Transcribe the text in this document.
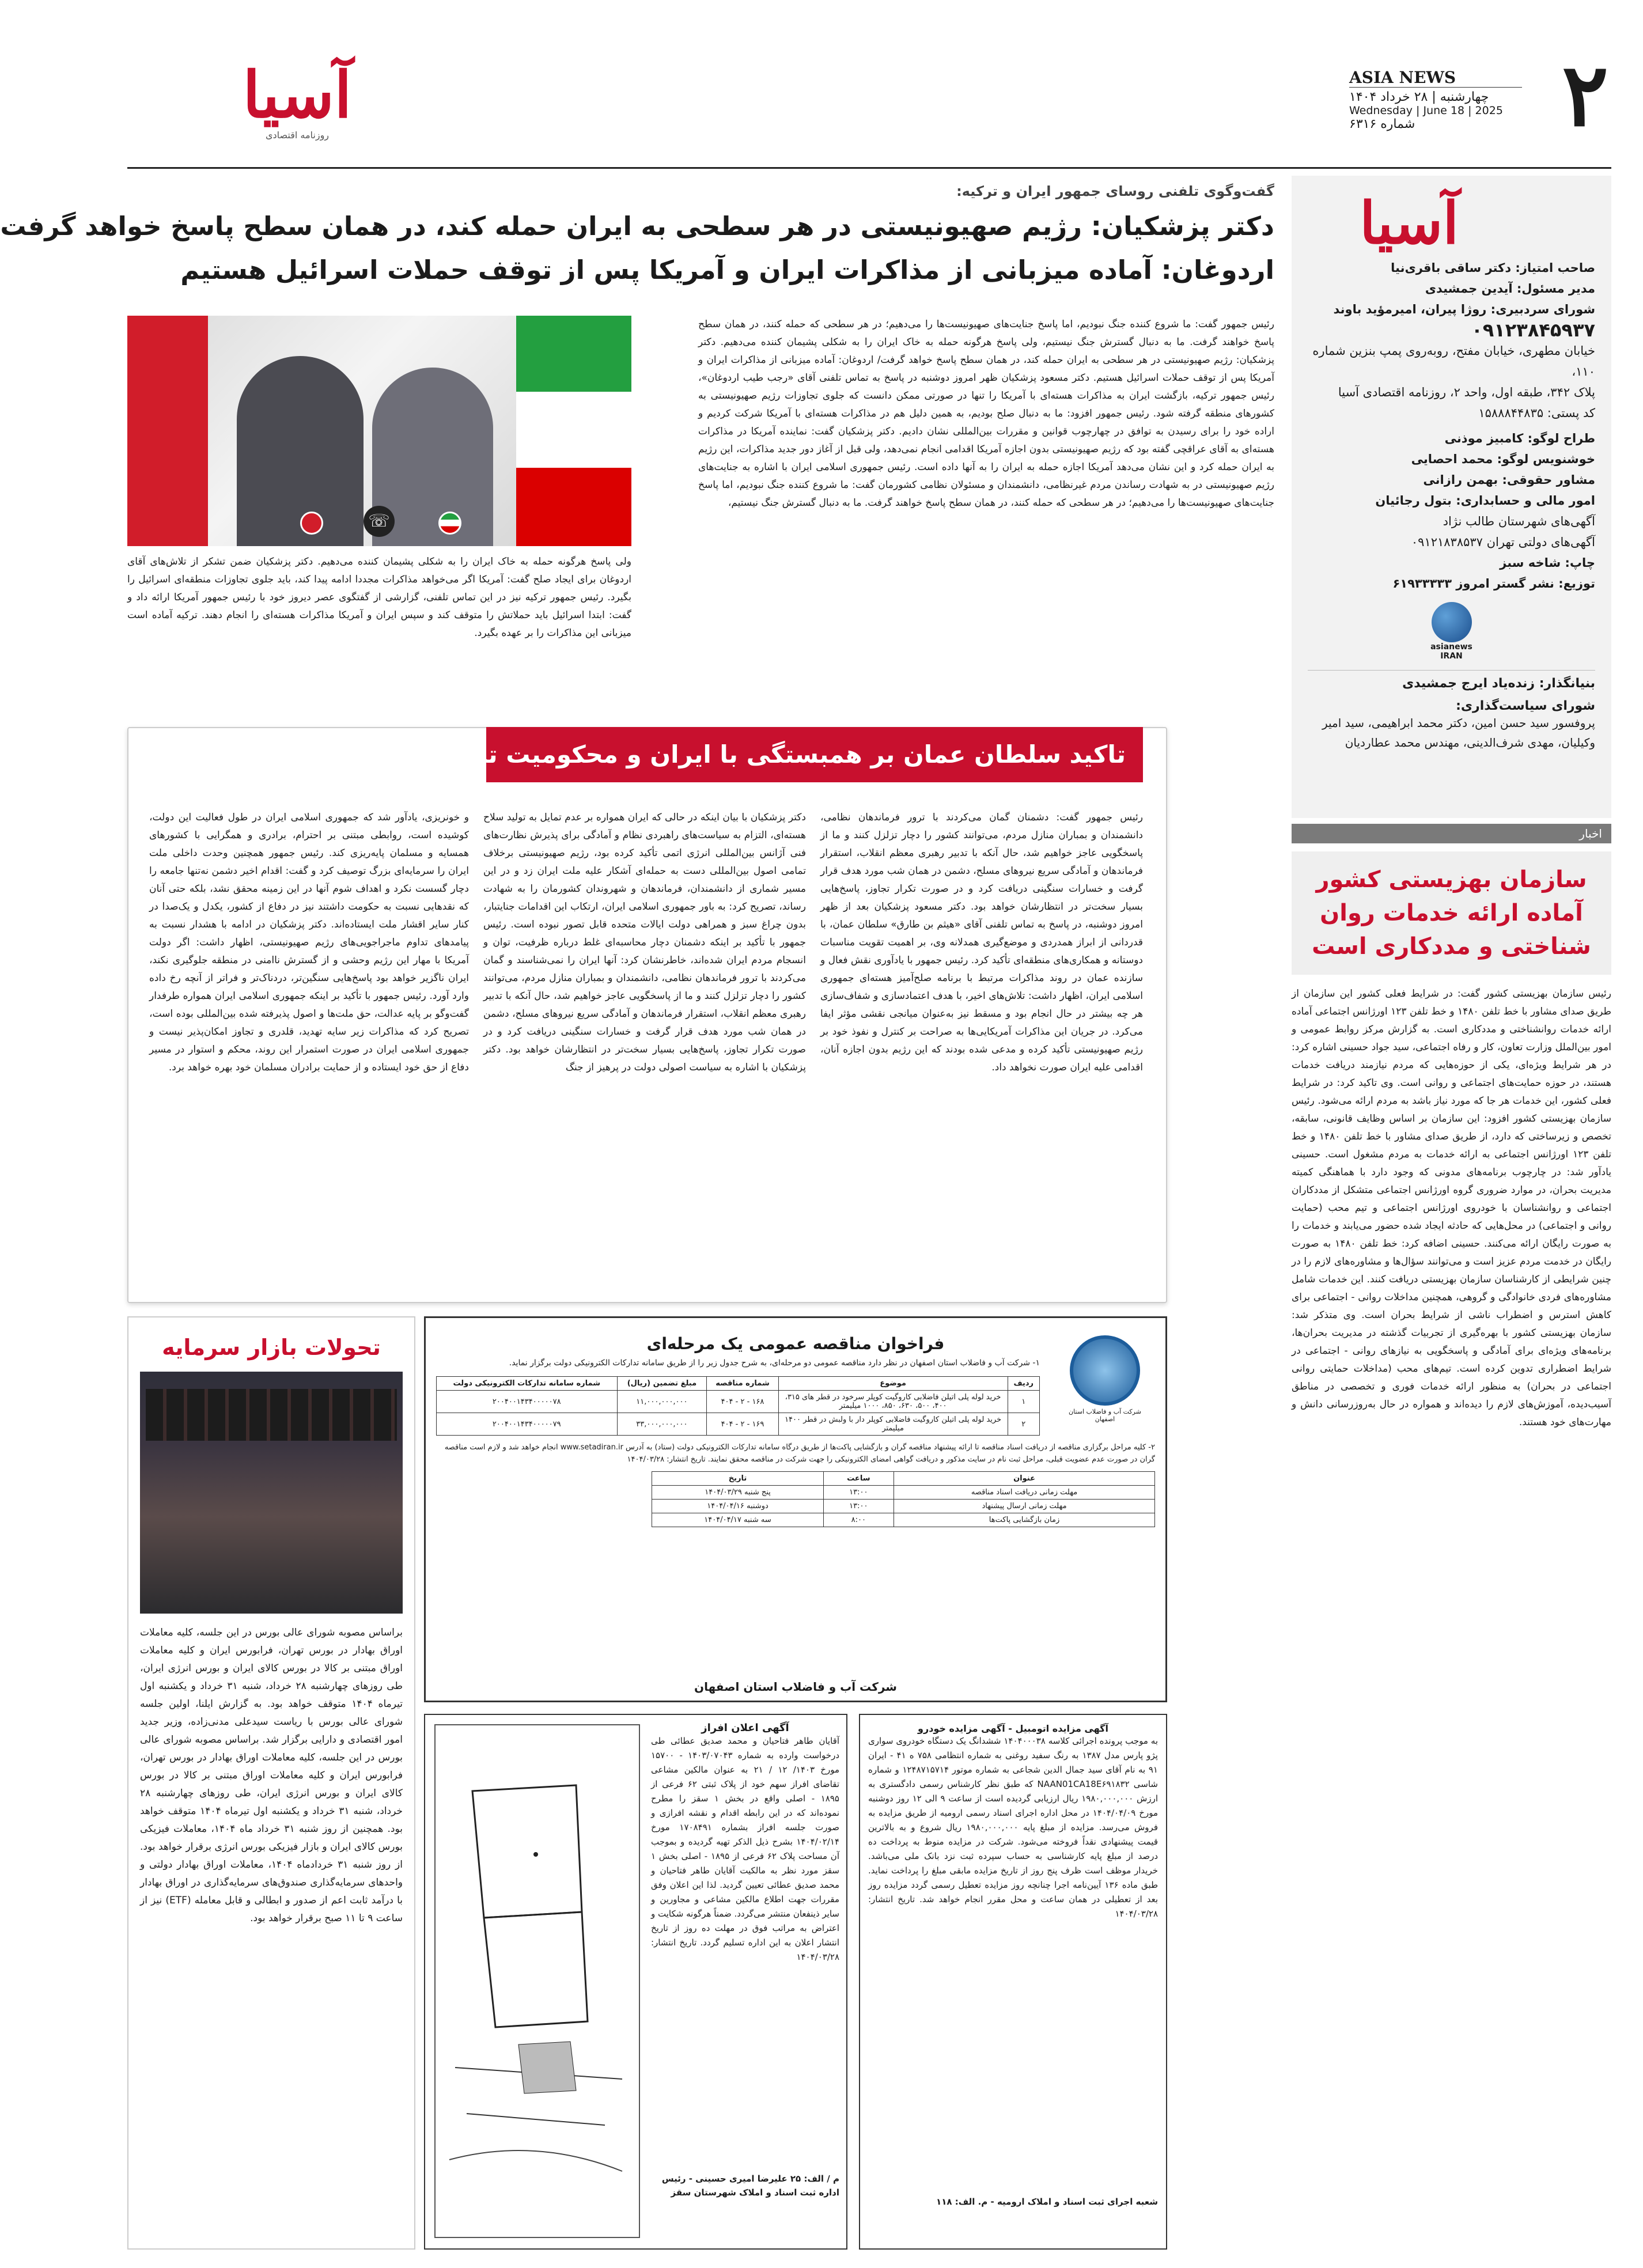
۲
ASIA NEWS
چهارشنبه | ۲۸ خرداد ۱۴۰۴
Wednesday | June 18 | 2025
شماره ۶۳۱۶
آسیا
روزنامه اقتصادی
آسیا
صاحب امتیاز: دکتر ساقی باقری‌نیا
مدیر مسئول: آیدین جمشیدی
شورای سردبیری: روژا پیران، امیرمؤید باوند
۰۹۱۲۳۸۴۵۹۳۷
خیابان مطهری، خیابان مفتح، روبه‌روی پمپ بنزین شماره ۱۱۰،
پلاک ۳۴۲، طبقه اول، واحد ۲، روزنامه اقتصادی آسیا
کد پستی: ۱۵۸۸۸۴۴۸۳۵
طراح لوگو: کامبیز موذنی
خوشنویس لوگو: محمد احصایی
مشاور حقوقی: بهمن رازانی
امور مالی و حسابداری: بتول رجائیان
آگهی‌های شهرستان طالب نژاد
آگهی‌های دولتی تهران ۰۹۱۲۱۸۳۸۵۳۷
چاپ: شاخه سبز
توزیع: نشر گستر امروز ۶۱۹۳۳۳۳۳
asianews IRAN
بنیانگذار: زنده‌یاد ایرج جمشیدی
شورای سیاست‌گذاری:
پروفسور سید حسن امین، دکتر محمد ابراهیمی، سید امیر وکیلیان، مهدی شرف‌الدینی، مهندس محمد عطاردیان
گفت‌وگوی تلفنی روسای جمهور ایران و ترکیه:
دکتر پزشکیان: رژیم صهیونیستی در هر سطحی به ایران حمله کند، در همان سطح پاسخ خواهد گرفت
اردوغان: آماده میزبانی از مذاکرات ایران و آمریکا پس از توقف حملات اسرائیل هستیم
رئیس جمهور گفت: ما شروع کننده جنگ نبودیم، اما پاسخ جنایت‌های صهیونیست‌ها را می‌دهیم؛ در هر سطحی که حمله کنند، در همان سطح پاسخ خواهند گرفت. ما به دنبال گسترش جنگ نیستیم، ولی پاسخ هرگونه حمله به خاک ایران را به شکلی پشیمان کننده می‌دهیم. دکتر پزشکیان: رژیم صهیونیستی در هر سطحی به ایران حمله کند، در همان سطح پاسخ خواهد گرفت/ اردوغان: آماده میزبانی از مذاکرات ایران و آمریکا پس از توقف حملات اسرائیل هستیم. دکتر مسعود پزشکیان ظهر امروز دوشنبه در پاسخ به تماس تلفنی آقای «رجب طیب اردوغان»، رئیس جمهور ترکیه، بازگشت ایران به مذاکرات هسته‌ای با آمریکا را تنها در صورتی ممکن دانست که جلوی تجاوزات رژیم صهیونیستی به کشورهای منطقه گرفته شود. رئیس جمهور افزود: ما به دنبال صلح بودیم، به همین دلیل هم در مذاکرات هسته‌ای با آمریکا شرکت کردیم و اراده خود را برای رسیدن به توافق در چهارچوب قوانین و مقررات بین‌المللی نشان دادیم. دکتر پزشکیان گفت: نماینده آمریکا در مذاکرات هسته‌ای به آقای عراقچی گفته بود که رژیم صهیونیستی بدون اجازه آمریکا اقدامی انجام نمی‌دهد، ولی قبل از آغاز دور جدید مذاکرات، این رژیم به ایران حمله کرد و این نشان می‌دهد آمریکا اجازه حمله به ایران را به آنها داده است. رئیس جمهوری اسلامی ایران با اشاره به جنایت‌های رژیم صهیونیستی در به شهادت رساندن مردم غیرنظامی، دانشمندان و مسئولان نظامی کشورمان گفت: ما شروع کننده جنگ نبودیم، اما پاسخ جنایت‌های صهیونیست‌ها را می‌دهیم؛ در هر سطحی که حمله کنند، در همان سطح پاسخ خواهند گرفت. ما به دنبال گسترش جنگ نیستیم،
☏
ولی پاسخ هرگونه حمله به خاک ایران را به شکلی پشیمان کننده می‌دهیم. دکتر پزشکیان ضمن تشکر از تلاش‌های آقای اردوغان برای ایجاد صلح گفت: آمریکا اگر می‌خواهد مذاکرات مجددا ادامه پیدا کند، باید جلوی تجاوزات منطقه‌ای اسرائیل را بگیرد. رئیس جمهور ترکیه نیز در این تماس تلفنی، گزارشی از گفتگوی عصر دیروز خود با رئیس جمهور آمریکا ارائه داد و گفت: ابتدا اسرائیل باید حملاتش را متوقف کند و سپس ایران و آمریکا مذاکرات هسته‌ای را انجام دهند. ترکیه آماده است میزبانی این مذاکرات را بر عهده بگیرد.
تاکید سلطان عمان بر همبستگی با ایران و محکومیت تجاوز رژیم صهیونیستی
رئیس جمهور گفت: دشمنان گمان می‌کردند با ترور فرماندهان نظامی، دانشمندان و بمباران منازل مردم، می‌توانند کشور را دچار تزلزل کنند و ما از پاسخگویی عاجز خواهیم شد، حال آنکه با تدبیر رهبری معظم انقلاب، استقرار فرماندهان و آمادگی سریع نیروهای مسلح، دشمن در همان شب مورد هدف قرار گرفت و خسارات سنگینی دریافت کرد و در صورت تکرار تجاوز، پاسخ‌هایی بسیار سخت‌تر در انتظارشان خواهد بود. دکتر مسعود پزشکیان بعد از ظهر امروز دوشنبه، در پاسخ به تماس تلفنی آقای «هیثم بن طارق» سلطان عمان، با قدردانی از ابراز همدردی و موضع‌گیری همدلانه وی، بر اهمیت تقویت مناسبات دوستانه و همکاری‌های منطقه‌ای تأکید کرد. رئیس جمهور با یادآوری نقش فعال و سازنده عمان در روند مذاکرات مرتبط با برنامه صلح‌آمیز هسته‌ای جمهوری اسلامی ایران، اظهار داشت: تلاش‌های اخیر، با هدف اعتمادسازی و شفاف‌سازی هر چه بیشتر در حال انجام بود و مسقط نیز به‌عنوان میانجی نقشی مؤثر ایفا می‌کرد. در جریان این مذاکرات آمریکایی‌ها به صراحت بر کنترل و نفوذ خود بر رژیم صهیونیستی تأکید کرده و مدعی شده بودند که این رژیم بدون اجازه آنان، اقدامی علیه ایران صورت نخواهد داد.
دکتر پزشکیان با بیان اینکه در حالی که ایران همواره بر عدم تمایل به تولید سلاح هسته‌ای، التزام به سیاست‌های راهبردی نظام و آمادگی برای پذیرش نظارت‌های فنی آژانس بین‌المللی انرژی اتمی تأکید کرده بود، رژیم صهیونیستی برخلاف تمامی اصول بین‌المللی دست به حمله‌ای آشکار علیه ملت ایران زد و در این مسیر شماری از دانشمندان، فرماندهان و شهروندان کشورمان را به شهادت رساند، تصریح کرد: به باور جمهوری اسلامی ایران، ارتکاب این اقدامات جنایتبار، بدون چراغ سبز و همراهی دولت ایالات متحده قابل تصور نبوده است. رئیس جمهور با تأکید بر اینکه دشمنان دچار محاسبه‌ای غلط درباره ظرفیت، توان و انسجام مردم ایران شده‌اند، خاطرنشان کرد: آنها ایران را نمی‌شناسند و گمان می‌کردند با ترور فرماندهان نظامی، دانشمندان و بمباران منازل مردم، می‌توانند کشور را دچار تزلزل کنند و ما از پاسخگویی عاجز خواهیم شد، حال آنکه با تدبیر رهبری معظم انقلاب، استقرار فرماندهان و آمادگی سریع نیروهای مسلح، دشمن در همان شب مورد هدف قرار گرفت و خسارات سنگینی دریافت کرد و در صورت تکرار تجاوز، پاسخ‌هایی بسیار سخت‌تر در انتظارشان خواهد بود. دکتر پزشکیان با اشاره به سیاست اصولی دولت در پرهیز از جنگ
و خونریزی، یادآور شد که جمهوری اسلامی ایران در طول فعالیت این دولت، کوشیده است، روابطی مبتنی بر احترام، برادری و همگرایی با کشورهای همسایه و مسلمان پایه‌ریزی کند. رئیس جمهور همچنین وحدت داخلی ملت ایران را سرمایه‌ای بزرگ توصیف کرد و گفت: اقدام اخیر دشمن نه‌تنها جامعه را دچار گسست نکرد و اهداف شوم آنها در این زمینه محقق نشد، بلکه حتی آنان که نقدهایی نسبت به حکومت داشتند نیز در دفاع از کشور، یکدل و یک‌صدا در کنار سایر اقشار ملت ایستاده‌اند. دکتر پزشکیان در ادامه با هشدار نسبت به پیامدهای تداوم ماجراجویی‌های رژیم صهیونیستی، اظهار داشت: اگر دولت آمریکا با مهار این رژیم وحشی و از گسترش ناامنی در منطقه جلوگیری نکند، ایران ناگزیر خواهد بود پاسخ‌هایی سنگین‌تر، دردناک‌تر و فراتر از آنچه رخ داده وارد آورد. رئیس جمهور با تأکید بر اینکه جمهوری اسلامی ایران همواره طرفدار گفت‌وگو بر پایه عدالت، حق ملت‌ها و اصول پذیرفته شده بین‌المللی بوده است، تصریح کرد که مذاکرات زیر سایه تهدید، قلدری و تجاوز امکان‌پذیر نیست و جمهوری اسلامی ایران در صورت استمرار این روند، محکم و استوار در مسیر دفاع از حق خود ایستاده و از حمایت برادران مسلمان خود بهره خواهد برد.
اخبار
سازمان بهزیستی کشور آماده ارائه خدمات روان شناختی و مددکاری است
رئیس سازمان بهزیستی کشور گفت: در شرایط فعلی کشور این سازمان از طریق صدای مشاور با خط تلفن ۱۴۸۰ و خط تلفن ۱۲۳ اورژانس اجتماعی آماده ارائه خدمات روانشناختی و مددکاری است. به گزارش مرکز روابط عمومی و امور بین‌الملل وزارت تعاون، کار و رفاه اجتماعی، سید جواد حسینی اشاره کرد: در هر شرایط ویژه‌ای، یکی از حوزه‌هایی که مردم نیازمند دریافت خدمات هستند، در حوزه حمایت‌های اجتماعی و روانی است. وی تاکید کرد: در شرایط فعلی کشور، این خدمات هر جا که مورد نیاز باشد به مردم ارائه می‌شود. رئیس سازمان بهزیستی کشور افزود: این سازمان بر اساس وظایف قانونی، سابقه، تخصص و زیرساختی که دارد، از طریق صدای مشاور با خط تلفن ۱۴۸۰ و خط تلفن ۱۲۳ اورژانس اجتماعی به ارائه خدمات به مردم مشغول است. حسینی یادآور شد: در چارچوب برنامه‌های مدونی که وجود دارد با هماهنگی کمیته مدیریت بحران، در موارد ضروری گروه اورژانس اجتماعی متشکل از مددکاران اجتماعی و روانشناسان با خودروی اورژانس اجتماعی و تیم محب (حمایت روانی و اجتماعی) در محل‌هایی که حادثه ایجاد شده حضور می‌یابند و خدمات را به صورت رایگان ارائه می‌کنند. حسینی اضافه کرد: خط تلفن ۱۴۸۰ به صورت رایگان در خدمت مردم عزیز است و می‌توانند سؤال‌ها و مشاوره‌های لازم را در چنین شرایطی از کارشناسان سازمان بهزیستی دریافت کنند. این خدمات شامل مشاوره‌های فردی خانوادگی و گروهی، همچنین مداخلات روانی - اجتماعی برای کاهش استرس و اضطراب ناشی از شرایط بحران است. وی متذکر شد: سازمان بهزیستی کشور با بهره‌گیری از تجربیات گذشته در مدیریت بحران‌ها، برنامه‌های ویژه‌ای برای آمادگی و پاسخگویی به نیازهای روانی - اجتماعی در شرایط اضطراری تدوین کرده است. تیم‌های محب (مداخلات حمایتی روانی اجتماعی در بحران) به منظور ارائه خدمات فوری و تخصصی در مناطق آسیب‌دیده، آموزش‌های لازم را دیده‌اند و همواره در حال به‌روزرسانی دانش و مهارت‌های خود هستند.
تحولات بازار سرمایه
براساس مصوبه شورای عالی بورس در این جلسه، کلیه معاملات اوراق بهادار در بورس تهران، فرابورس ایران و کلیه معاملات اوراق مبتنی بر کالا در بورس کالای ایران و بورس انرژی ایران، طی روزهای چهارشنبه ۲۸ خرداد، شنبه ۳۱ خرداد و یکشنبه اول تیرماه ۱۴۰۴ متوقف خواهد بود. به گزارش ایلنا، اولین جلسه شورای عالی بورس با ریاست سیدعلی مدنی‌زاده، وزیر جدید امور اقتصادی و دارایی برگزار شد. براساس مصوبه شورای عالی بورس در این جلسه، کلیه معاملات اوراق بهادار در بورس تهران، فرابورس ایران و کلیه معاملات اوراق مبتنی بر کالا در بورس کالای ایران و بورس انرژی ایران، طی روزهای چهارشنبه ۲۸ خرداد، شنبه ۳۱ خرداد و یکشنبه اول تیرماه ۱۴۰۴ متوقف خواهد بود. همچنین از روز شنبه ۳۱ خرداد ماه ۱۴۰۴، معاملات فیزیکی بورس کالای ایران و بازار فیزیکی بورس انرژی برقرار خواهد بود. از روز شنبه ۳۱ خردادماه ۱۴۰۴، معاملات اوراق بهادار دولتی و واحدهای سرمایه‌گذاری صندوق‌های سرمایه‌گذاری در اوراق بهادار با درآمد ثابت اعم از صدور و ابطالی و قابل معامله (ETF) نیز از ساعت ۹ تا ۱۱ صبح برقرار خواهد بود.
شرکت آب و فاضلاب استان اصفهان
فراخوان مناقصه عمومی یک مرحله‌ای
۱- شرکت آب و فاضلاب استان اصفهان در نظر دارد مناقصه عمومی دو مرحله‌ای، به شرح جدول زیر را از طریق سامانه تدارکات الکترونیکی دولت برگزار نماید.
ردیف	موضوع	شماره مناقصه	مبلغ تضمین (ریال)	شماره سامانه تدارکات الکترونیکی دولت
۱	خرید لوله پلی اتیلن فاضلابی کاروگیت کوپلر سرخود در قطر های ۳۱۵، ۴۰۰، ۵۰۰، ۶۳۰، ۸۵۰، ۱۰۰۰ میلیمتر	۱۶۸ - ۲ - ۴۰۴	۱۱,۰۰۰,۰۰۰,۰۰۰	۲۰۰۴۰۰۱۴۳۴۰۰۰۰۰۷۸
۲	خرید لوله پلی اتیلن کاروگیت فاضلابی کوپلر دار با ولبش در قطر ۱۴۰۰ میلیمتر	۱۶۹ - ۲ - ۴۰۴	۳۳,۰۰۰,۰۰۰,۰۰۰	۲۰۰۴۰۰۱۴۳۴۰۰۰۰۰۷۹
۲- کلیه مراحل برگزاری مناقصه از دریافت اسناد مناقصه تا ارائه پیشنهاد مناقصه گران و بازگشایی پاکت‌ها از طریق درگاه سامانه تدارکات الکترونیکی دولت (ستاد) به آدرس www.setadiran.ir انجام خواهد شد و لازم است مناقصه گران در صورت عدم عضویت قبلی، مراحل ثبت نام در سایت مذکور و دریافت گواهی امضای الکترونیکی را جهت شرکت در مناقصه محقق نمایند. تاریخ انتشار: ۱۴۰۴/۰۳/۲۸
عنوان	ساعت	تاریخ
مهلت زمانی دریافت اسناد مناقصه	۱۳:۰۰	پنج شنبه ۱۴۰۴/۰۳/۲۹
مهلت زمانی ارسال پیشنهاد	۱۳:۰۰	دوشنبه ۱۴۰۴/۰۴/۱۶
زمان بازگشایی پاکت‌ها	۸:۰۰	سه شنبه ۱۴۰۴/۰۴/۱۷
شرکت آب و فاضلاب استان اصفهان
آگهی اعلان افراز
آقایان طاهر فتاحیان و محمد صدیق عطائی طی درخواست وارده به شماره ۱۴۰۳/۰۷۰۴۳ - ۱۵۷۰۰ مورخ ۱۴۰۳/ ۱۲ / ۲۱ به عنوان مالکین مشاعی تقاضای افراز سهم خود از پلاک ثبتی ۶۲ فرعی از ۱۸۹۵ - اصلی واقع در بخش ۱ سقز را مطرح نموده‌اند که در این رابطه اقدام و نقشه افرازی و صورت جلسه افراز بشماره ۱۷۰۸۴۹۱ مورخ ۱۴۰۴/۰۲/۱۴ بشرح ذیل الذکر تهیه گردیده و بموجب آن مساحت پلاک ۶۲ فرعی از ۱۸۹۵ - اصلی بخش ۱ سقز مورد نظر به مالکیت آقایان طاهر فتاحیان و محمد صدیق عطائی تعیین گردید. لذا این اعلان وفق مقررات جهت اطلاع مالکین مشاعی و مجاورین و سایر ذینفعان منتشر می‌گردد. ضمناً هرگونه شکایت و اعتراض به مراتب فوق در مهلت ده روز از تاریخ انتشار اعلان به این اداره تسلیم گردد. تاریخ انتشار: ۱۴۰۴/۰۳/۲۸
م / الف: ۲۵ علیرضا امیری حسینی - رئیس اداره ثبت اسناد و املاک شهرستان سقز
آگهی مزایده اتومبیل - آگهی مزایده خودرو
به موجب پرونده اجرائی کلاسه ۱۴۰۴۰۰۰۳۸ ششدانگ یک دستگاه خودروی سواری پژو پارس مدل ۱۳۸۷ به رنگ سفید روغنی به شماره انتظامی ۷۵۸ ه ۴۱ - ایران ۹۱ به نام آقای سید جمال الدین شجاعی به شماره موتور ۱۲۴۸۷۱۵۷۱۴ و شماره شاسی NAAN01CA18E۶۹۱۸۳۲ که طبق نظر کارشناس رسمی دادگستری به ارزش ۱۹۸۰,۰۰۰,۰۰۰ ریال ارزیابی گردیده است از ساعت ۹ الی ۱۲ روز دوشنبه مورخ ۱۴۰۴/۰۴/۰۹ در محل اداره اجرای اسناد رسمی ارومیه از طریق مزایده به فروش می‌رسد. مزایده از مبلغ پایه ۱۹۸۰,۰۰۰,۰۰۰ ریال شروع و به بالاترین قیمت پیشنهادی نقداً فروخته می‌شود. شرکت در مزایده منوط به پرداخت ده درصد از مبلغ پایه کارشناسی به حساب سپرده ثبت نزد بانک ملی می‌باشد. خریدار موظف است ظرف پنج روز از تاریخ مزایده مابقی مبلغ را پرداخت نماید. طبق ماده ۱۳۶ آیین‌نامه اجرا چنانچه روز مزایده تعطیل رسمی گردد مزایده روز بعد از تعطیلی در همان ساعت و محل مقرر انجام خواهد شد. تاریخ انتشار: ۱۴۰۴/۰۳/۲۸
شعبه اجرای ثبت اسناد و املاک ارومیه - م. الف: ۱۱۸
